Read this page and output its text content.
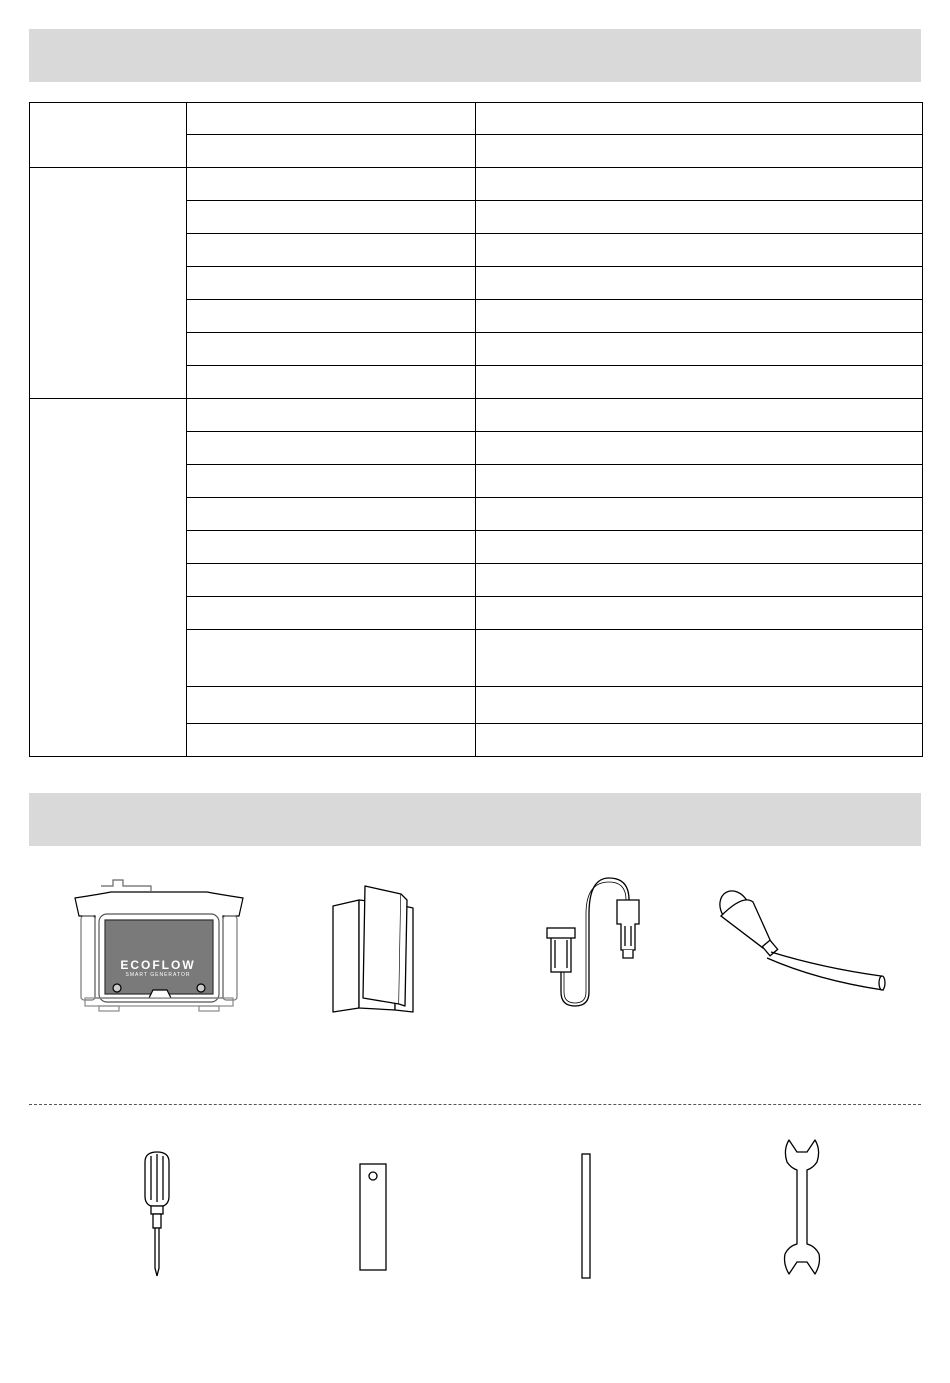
ECOFLOW
SMART GENERATOR
